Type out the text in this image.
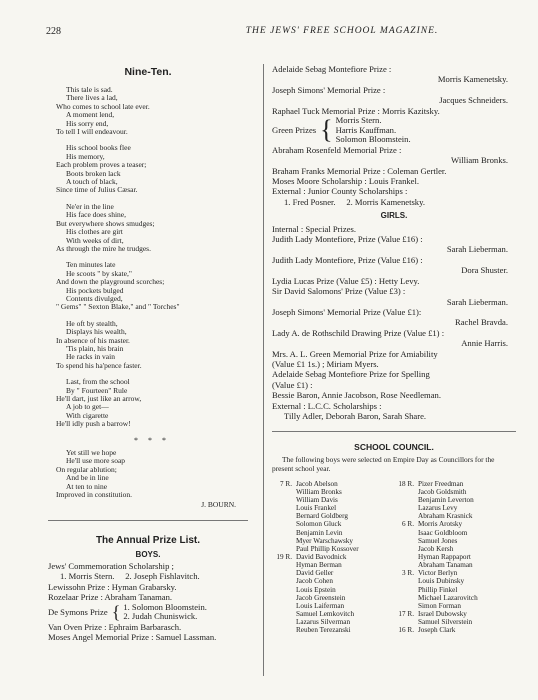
228	THE JEWS' FREE SCHOOL MAGAZINE.
Nine-Ten.
This tale is sad.
There lives a lad,
Who comes to school late ever.
A moment lend,
His sorry end,
To tell I will endeavour.
His school books flee
His memory,
Each problem proves a teaser;
Boots broken lack
A touch of black,
Since time of Julius Cæsar.
Ne'er in the line
His face does shine,
But everywhere shows smudges;
His clothes are girt
With weeks of dirt,
As through the mire he trudges.
Ten minutes late
He scoots " by skate,"
And down the playground scorches;
His pockets bulged
Contents divulged,
" Gems" " Sexton Blake," and " Torches"
He oft by stealth,
Displays his wealth,
In absence of his master.
'Tis plain, his brain
He racks in vain
To spend his ha'pence faster.
Last, from the school
By " Fourteen" Rule
He'll dart, just like an arrow,
A job to get—
With cigarette
He'll idly push a barrow!
* * *
Yet still we hope
He'll use more soap
On regular ablution;
And be in line
At ten to nine
Improved in constitution.
J. BOURN.
The Annual Prize List.
BOYS.
Jews' Commemoration Scholarship ;
1. Morris Stern. 2. Joseph Fishlavitch.
Lewissohn Prize : Hyman Grabarsky.
Rozelaar Prize : Abraham Tanaman.
De Symons Prize { 1. Solomon Bloomstein.
2. Judah Chuniswick.
Van Oven Prize : Ephraim Barbarasch.
Moses Angel Memorial Prize : Samuel Lassman.
Adelaide Sebag Montefiore Prize :
Morris Kamenetsky.
Joseph Simons' Memorial Prize :
Jacques Schneiders.
Raphael Tuck Memorial Prize : Morris Kazitsky.
Green Prizes { Morris Stern.
Harris Kauffman.
Solomon Bloomstein.
Abraham Rosenfeld Memorial Prize :
William Bronks.
Braham Franks Memorial Prize : Coleman Gertler.
Moses Moore Scholarship : Louis Frankel.
External : Junior County Scholarships :
1. Fred Posner. 2. Morris Kamenetsky.
GIRLS.
Internal : Special Prizes.
Judith Lady Montefiore, Prize (Value £16) :
Sarah Lieberman.
Judith Lady Montefiore, Prize (Value £16) :
Dora Shuster.
Lydia Lucas Prize (Value £5) : Hetty Levy.
Sir David Salomons' Prize (Value £3) :
Sarah Lieberman.
Joseph Simons' Memorial Prize (Value £1):
Rachel Bravda.
Lady A. de Rothschild Drawing Prize (Value £1) :
Annie Harris.
Mrs. A. L. Green Memorial Prize for Amiability
(Value £1 1s.) ; Miriam Myers.
Adelaide Sebag Montefiore Prize for Spelling
(Value £1) :
Bessie Baron, Annie Jacobson, Rose Needleman.
External : L.C.C. Scholarships :
Tilly Adler, Deborah Baron, Sarah Share.
SCHOOL COUNCIL.
The following boys were selected on Empire Day as Councillors for the present school year.
7 R. Jacob Abelson
William Bronks
William Davis
Louis Frankel
Bernard Goldberg
Solomon Gluck
Benjamin Levin
Myer Warschawsky
Paul Phillip Kossover
19 R. David Bavodnick
Hyman Berman
David Geller
Jacob Cohen
Louis Epstein
Jacob Greenstein
Louis Laiferman
Samuel Lemkovitch
Lazarus Silverman
Reuben Terezanski
18 R. Pizer Freedman
Jacob Goldsmith
Benjamin Leverton
Lazarus Levy
Abraham Krasnick
6 R. Morris Arotsky
Isaac Goldbloom
Samuel Jones
Jacob Kersh
Hyman Rappaport
Abraham Tanaman
3 R. Victor Berlyn
Louis Dubinsky
Phillip Finkel
Michael Lazarovitch
Simon Forman
17 R. Israel Dubowsky
Samuel Silverstein
16 R. Joseph Clark
